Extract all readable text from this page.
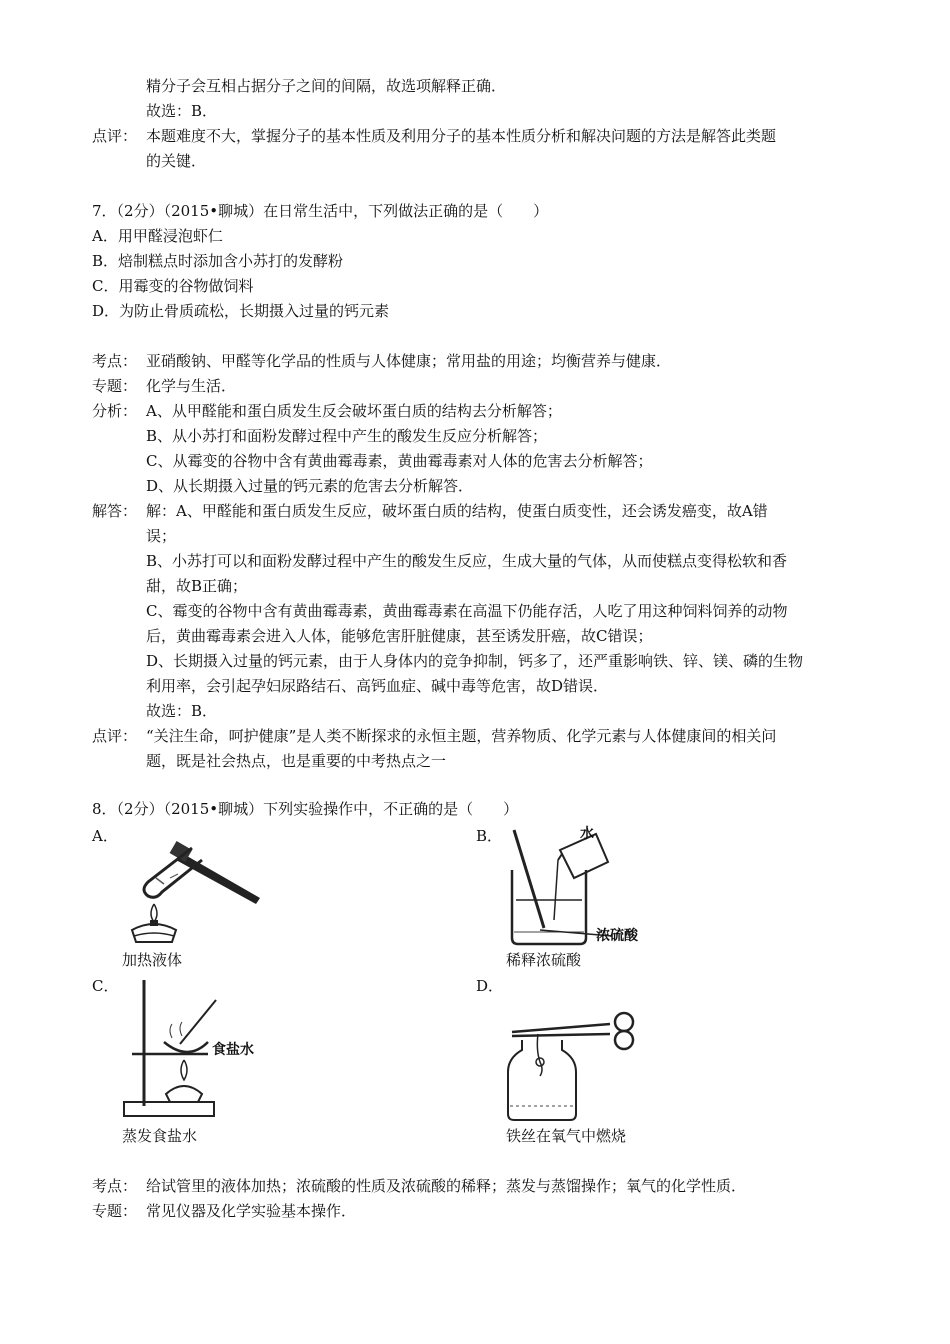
精分子会互相占据分子之间的间隔，故选项解释正确．
故选：B．
点评： 本题难度不大，掌握分子的基本性质及利用分子的基本性质分析和解决问题的方法是解答此类题
的关键．
7．（2分）（2015•聊城）在日常生活中，下列做法正确的是（　　）
A．用甲醛浸泡虾仁
B．焙制糕点时添加含小苏打的发酵粉
C．用霉变的谷物做饲料
D．为防止骨质疏松，长期摄入过量的钙元素
考点： 亚硝酸钠、甲醛等化学品的性质与人体健康；常用盐的用途；均衡营养与健康．
专题： 化学与生活．
分析： A、从甲醛能和蛋白质发生反会破坏蛋白质的结构去分析解答；
B、从小苏打和面粉发酵过程中产生的酸发生反应分析解答；
C、从霉变的谷物中含有黄曲霉毒素，黄曲霉毒素对人体的危害去分析解答；
D、从长期摄入过量的钙元素的危害去分析解答．
解答： 解：A、甲醛能和蛋白质发生反应，破坏蛋白质的结构，使蛋白质变性，还会诱发癌变，故A错
误；
B、小苏打可以和面粉发酵过程中产生的酸发生反应，生成大量的气体，从而使糕点变得松软和香
甜，故B正确；
C、霉变的谷物中含有黄曲霉毒素，黄曲霉毒素在高温下仍能存活，人吃了用这种饲料饲养的动物
后，黄曲霉毒素会进入人体，能够危害肝脏健康，甚至诱发肝癌，故C错误；
D、长期摄入过量的钙元素，由于人身体内的竞争抑制，钙多了，还严重影响铁、锌、镁、磷的生物
利用率，会引起孕妇尿路结石、高钙血症、碱中毒等危害，故D错误．
故选：B．
点评： “关注生命，呵护健康”是人类不断探求的永恒主题，营养物质、化学元素与人体健康间的相关问
题，既是社会热点，也是重要的中考热点之一
8．（2分）（2015•聊城）下列实验操作中，不正确的是（　　）
A．
加热液体
B．	水
浓硫酸
稀释浓硫酸
C．
食盐水
蒸发食盐水
D．
铁丝在氧气中燃烧
考点： 给试管里的液体加热；浓硫酸的性质及浓硫酸的稀释；蒸发与蒸馏操作；氧气的化学性质．
专题： 常见仪器及化学实验基本操作．
